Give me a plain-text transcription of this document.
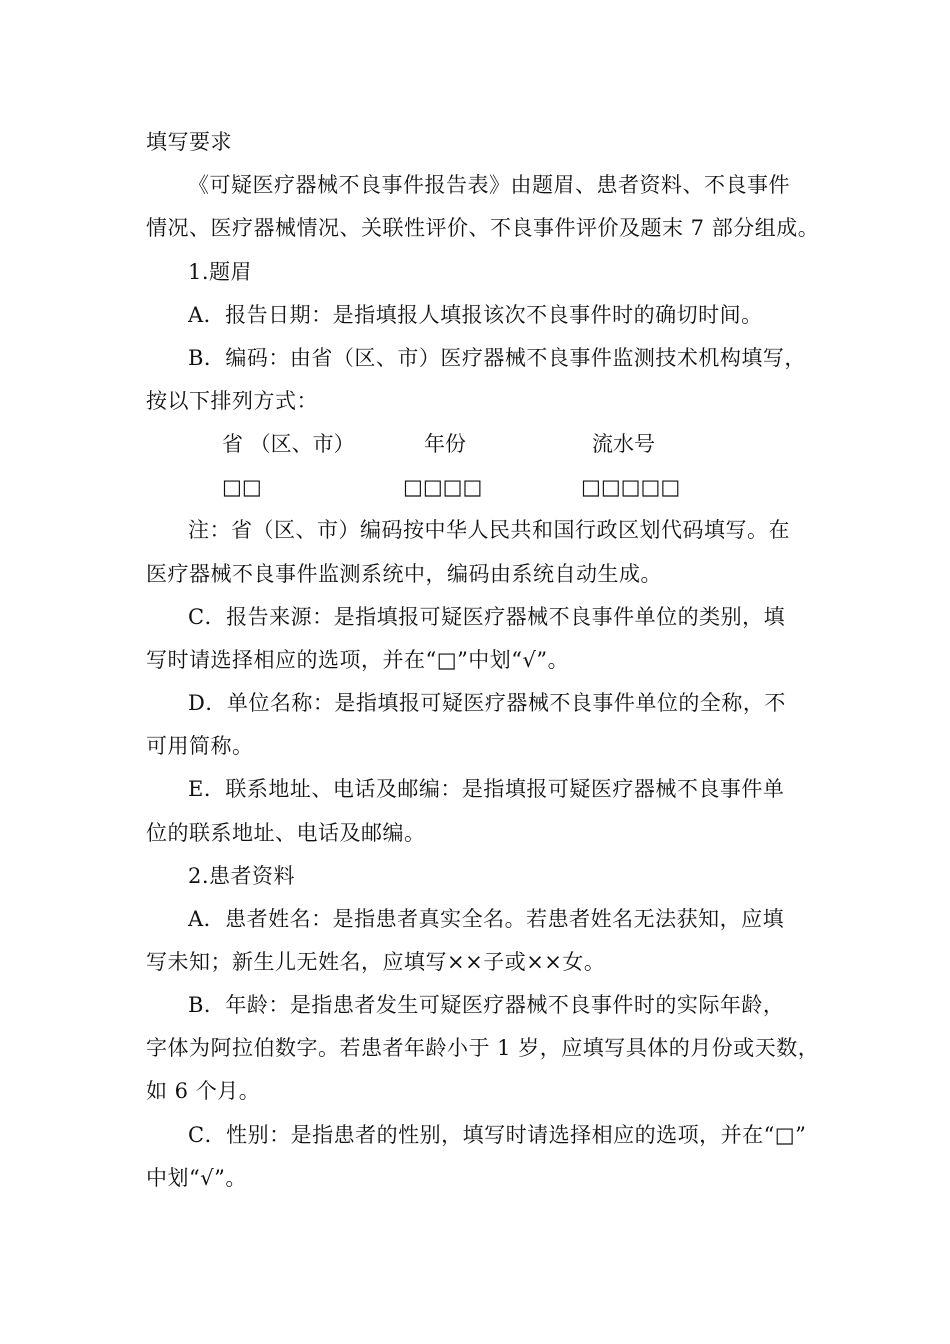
填写要求
《可疑医疗器械不良事件报告表》由题眉、患者资料、不良事件
情况、医疗器械情况、关联性评价、不良事件评价及题末 7 部分组成。
1.题眉
A．报告日期：是指填报人填报该次不良事件时的确切时间。
B．编码：由省（区、市）医疗器械不良事件监测技术机构填写，
按以下排列方式：
省 （区、市）	年份	流水号
□□	□□□□	□□□□□
注：省（区、市）编码按中华人民共和国行政区划代码填写。在
医疗器械不良事件监测系统中，编码由系统自动生成。
C．报告来源：是指填报可疑医疗器械不良事件单位的类别，填
写时请选择相应的选项，并在“□”中划“√”。
D．单位名称：是指填报可疑医疗器械不良事件单位的全称，不
可用简称。
E．联系地址、电话及邮编：是指填报可疑医疗器械不良事件单
位的联系地址、电话及邮编。
2.患者资料
A．患者姓名：是指患者真实全名。若患者姓名无法获知，应填
写未知；新生儿无姓名，应填写××子或××女。
B．年龄：是指患者发生可疑医疗器械不良事件时的实际年龄，
字体为阿拉伯数字。若患者年龄小于 1 岁，应填写具体的月份或天数，
如 6 个月。
C．性别：是指患者的性别，填写时请选择相应的选项，并在“□”
中划“√”。
